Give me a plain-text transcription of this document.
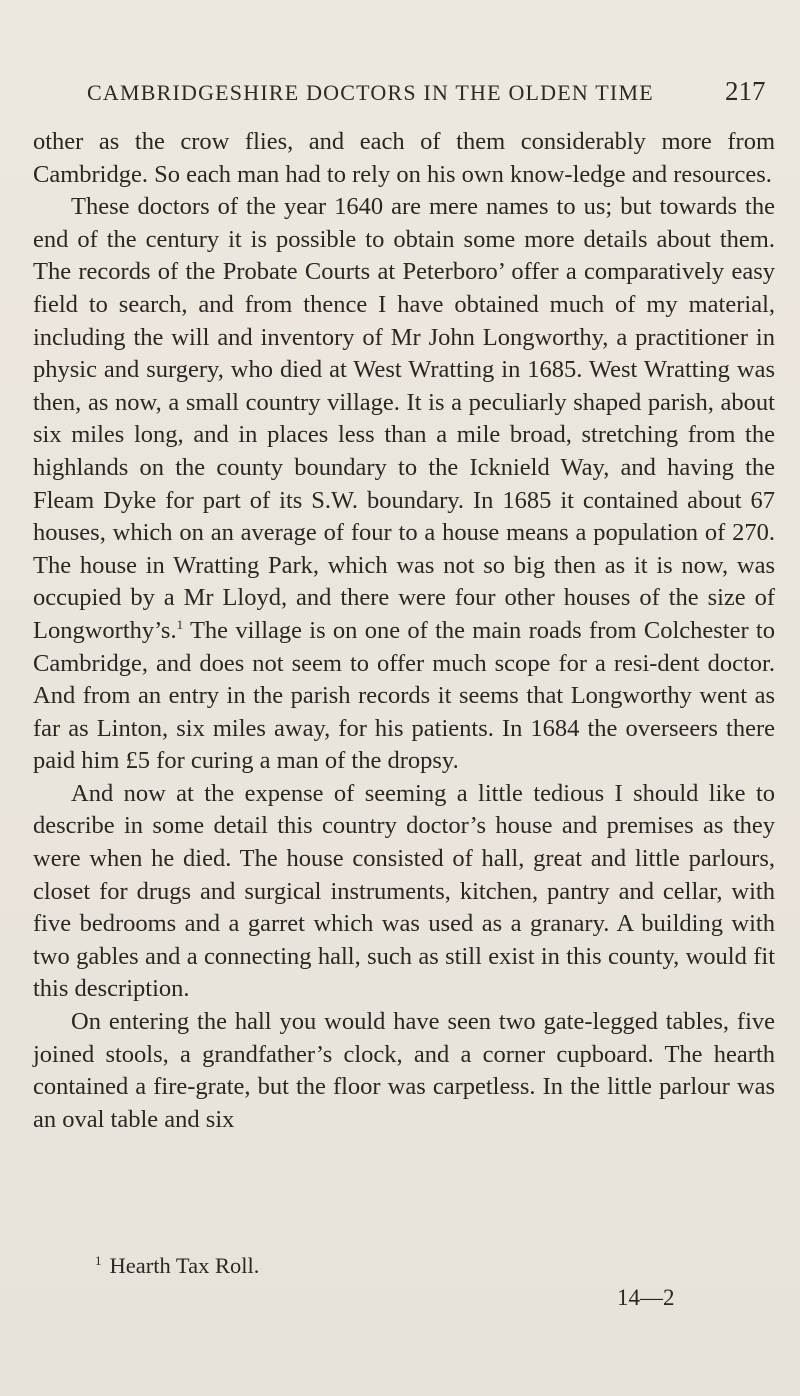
CAMBRIDGESHIRE DOCTORS IN THE OLDEN TIME	217

other as the crow flies, and each of them considerably more from Cambridge. So each man had to rely on his own know-ledge and resources.

These doctors of the year 1640 are mere names to us; but towards the end of the century it is possible to obtain some more details about them. The records of the Probate Courts at Peterboro’ offer a comparatively easy field to search, and from thence I have obtained much of my material, including the will and inventory of Mr John Longworthy, a practitioner in physic and surgery, who died at West Wratting in 1685. West Wratting was then, as now, a small country village. It is a peculiarly shaped parish, about six miles long, and in places less than a mile broad, stretching from the highlands on the county boundary to the Icknield Way, and having the Fleam Dyke for part of its S.W. boundary. In 1685 it contained about 67 houses, which on an average of four to a house means a population of 270. The house in Wratting Park, which was not so big then as it is now, was occupied by a Mr Lloyd, and there were four other houses of the size of Longworthy’s.$^1$ The village is on one of the main roads from Colchester to Cambridge, and does not seem to offer much scope for a resi-dent doctor. And from an entry in the parish records it seems that Longworthy went as far as Linton, six miles away, for his patients. In 1684 the overseers there paid him £5 for curing a man of the dropsy.

And now at the expense of seeming a little tedious I should like to describe in some detail this country doctor’s house and premises as they were when he died. The house consisted of hall, great and little parlours, closet for drugs and surgical instruments, kitchen, pantry and cellar, with five bedrooms and a garret which was used as a granary. A building with two gables and a connecting hall, such as still exist in this county, would fit this description.

On entering the hall you would have seen two gate-legged tables, five joined stools, a grandfather’s clock, and a corner cupboard. The hearth contained a fire-grate, but the floor was carpetless. In the little parlour was an oval table and six

$^1$ Hearth Tax Roll.
14—2
